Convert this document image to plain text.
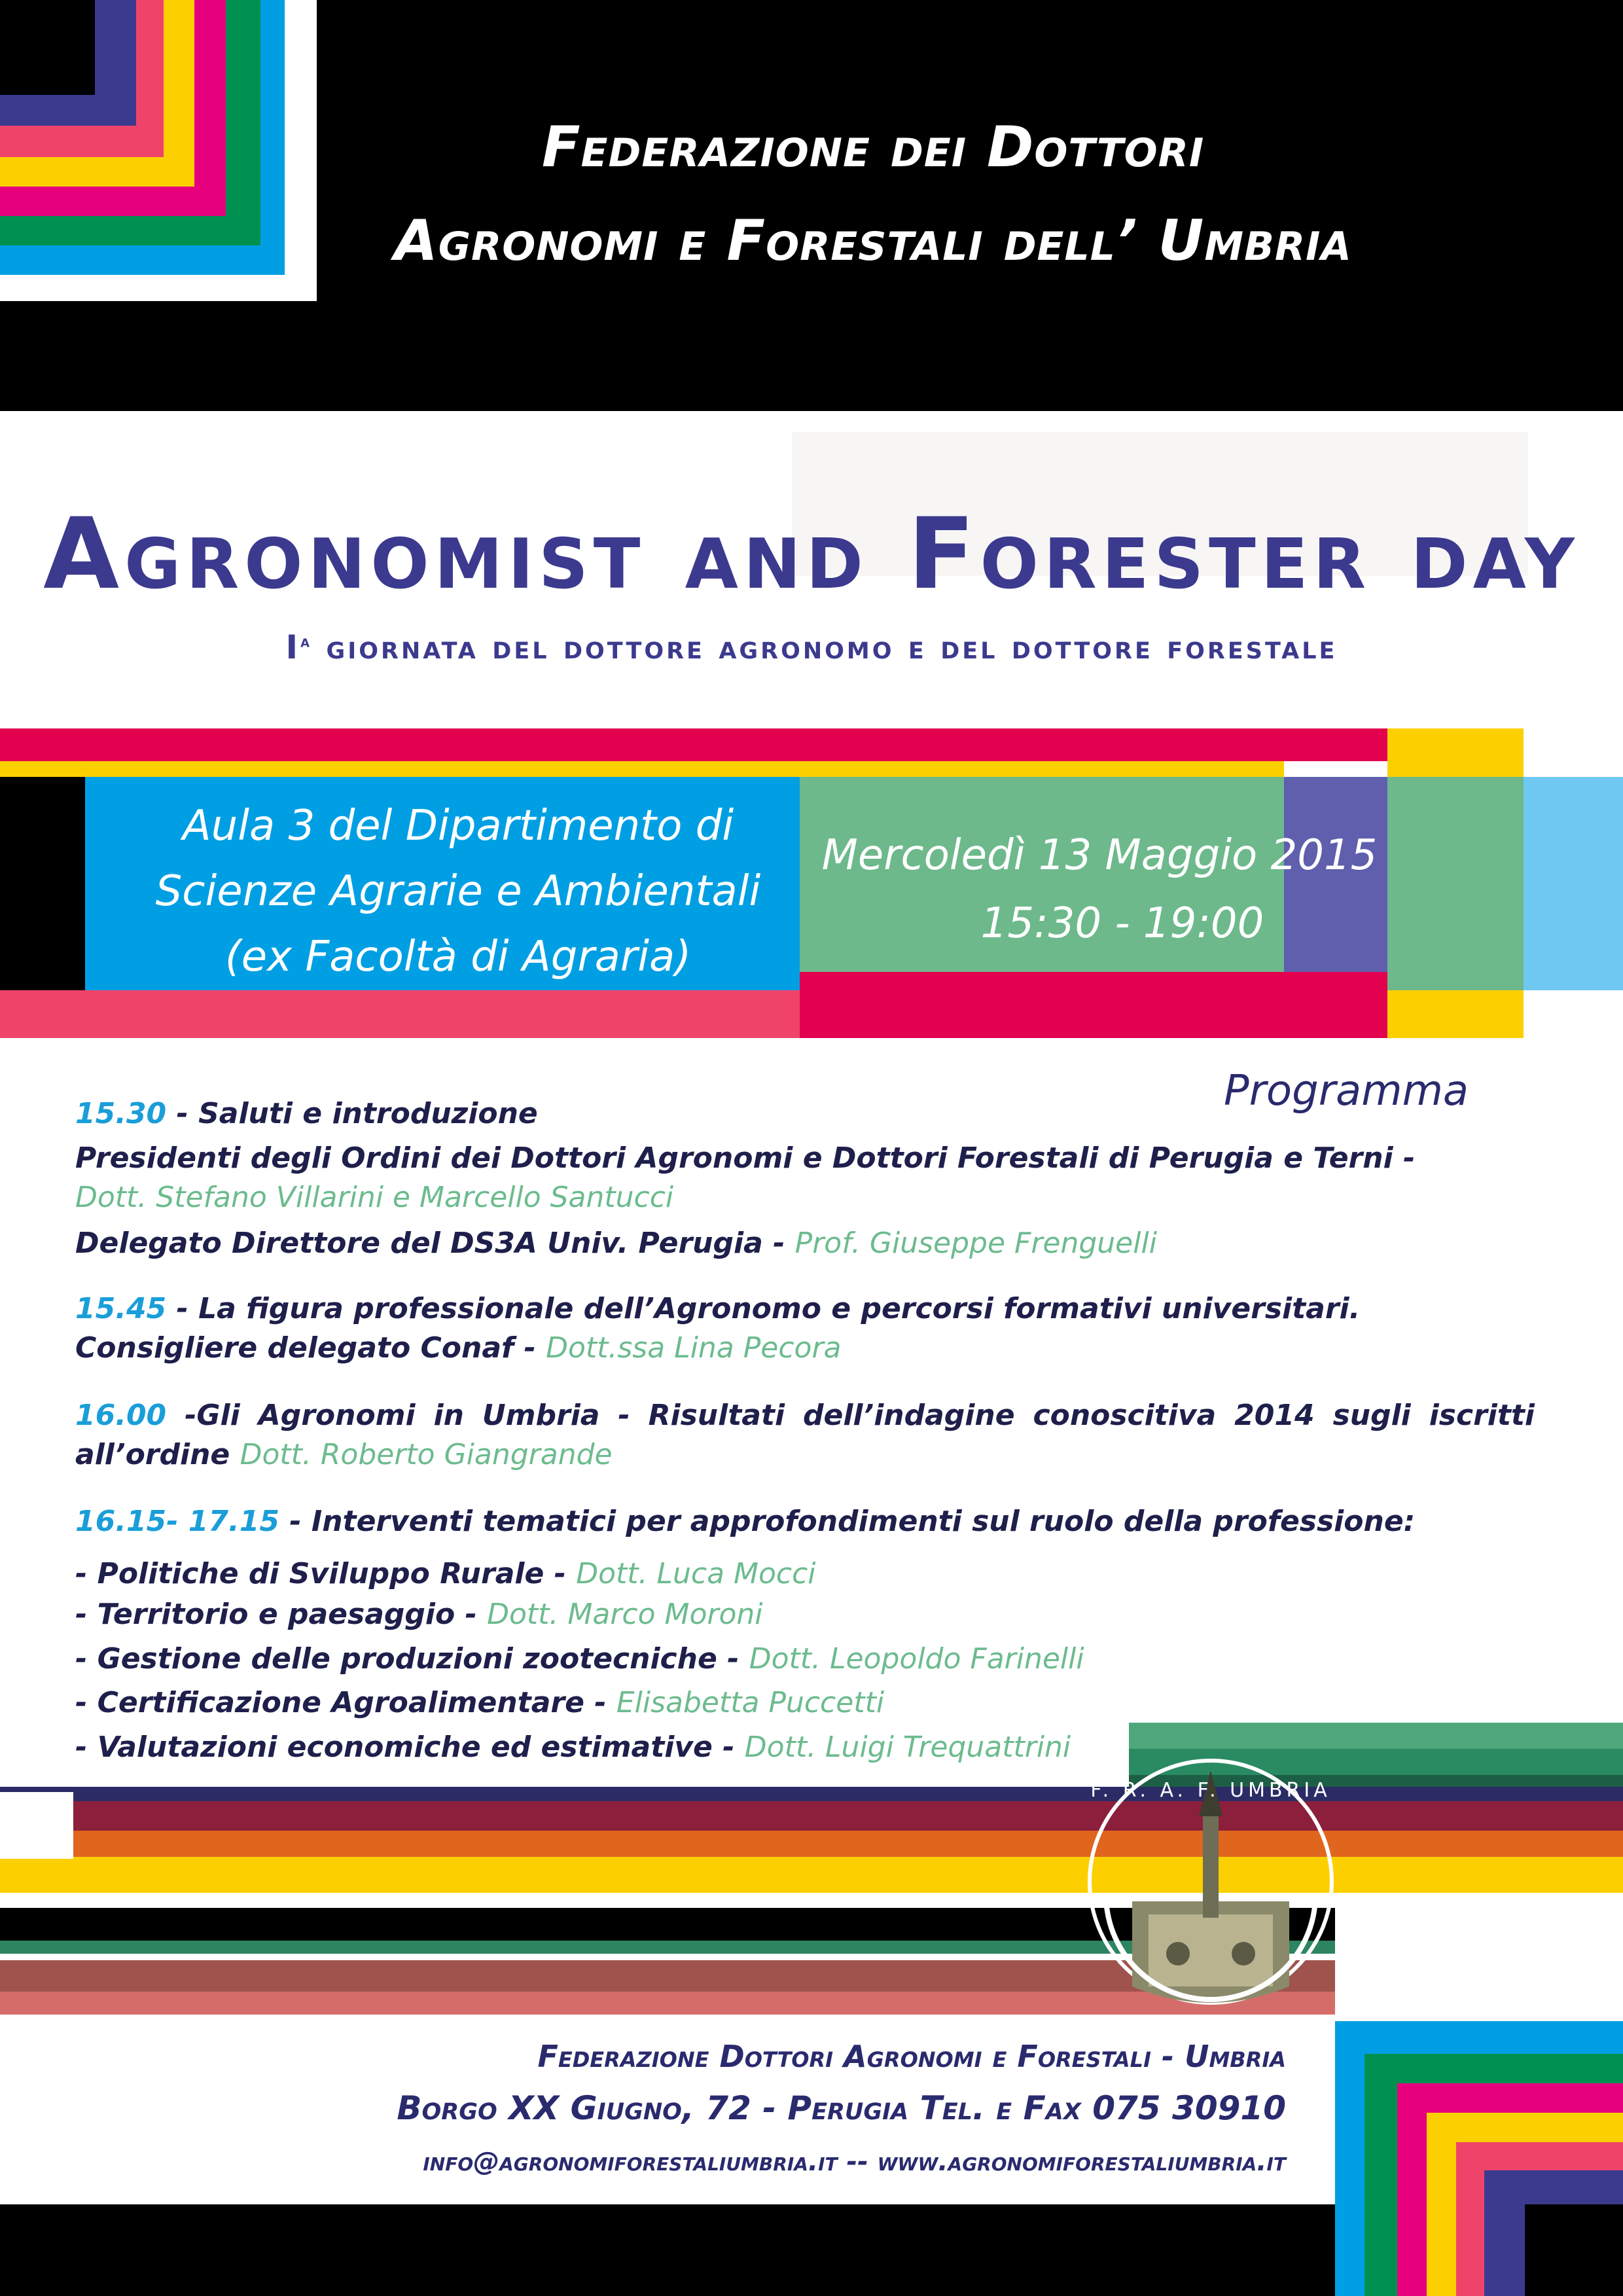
Federazione dei Dottori
Agronomi e Forestali dell’ Umbria
Agronomist and Forester day
$I^a$ giornata del dottore agronomo e del dottore forestale
Aula 3 del Dipartimento di
Scienze Agrarie e Ambientali
(ex Facoltà di Agraria)
Mercoledì 13 Maggio 2015
15:30 - 19:00
Programma
15.30 - Saluti e introduzione
Presidenti degli Ordini dei Dottori Agronomi e Dottori Forestali di Perugia e Terni -
Dott. Stefano Villarini e Marcello Santucci
Delegato Direttore del DS3A Univ. Perugia - Prof. Giuseppe Frenguelli
15.45 - La figura professionale dell’Agronomo e percorsi formativi universitari.
Consigliere delegato Conaf - Dott.ssa Lina Pecora
16.00 -Gli Agronomi in Umbria - Risultati dell’indagine conoscitiva 2014 sugli iscritti all’ordine Dott. Roberto Giangrande
16.15- 17.15 - Interventi tematici per approfondimenti sul ruolo della professione:
- Politiche di Sviluppo Rurale - Dott. Luca Mocci
- Territorio e paesaggio - Dott. Marco Moroni
- Gestione delle produzioni zootecniche - Dott. Leopoldo Farinelli
- Certificazione Agroalimentare - Elisabetta Puccetti
- Valutazioni economiche ed estimative - Dott. Luigi Trequattrini
F. R. A. F. UMBRIA
Federazione Dottori Agronomi e Forestali - Umbria
Borgo XX Giugno, 72 - Perugia Tel. e Fax 075 30910
info@agronomiforestaliumbria.it -- www.agronomiforestaliumbria.it
